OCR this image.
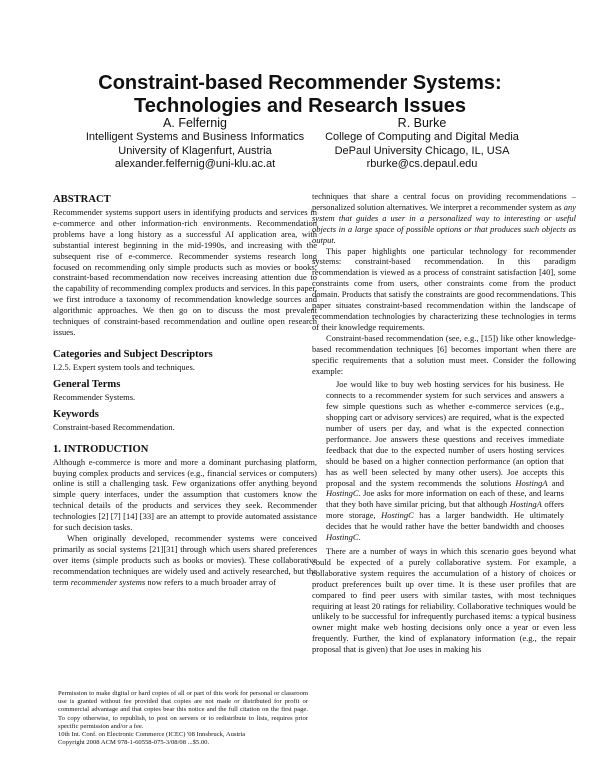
Constraint-based Recommender Systems:
Technologies and Research Issues
A. Felfernig
Intelligent Systems and Business Informatics
University of Klagenfurt, Austria
alexander.felfernig@uni-klu.ac.at
R. Burke
College of Computing and Digital Media
DePaul University Chicago, IL, USA
rburke@cs.depaul.edu
ABSTRACT

Recommender systems support users in identifying products and services in e-commerce and other information-rich environments. Recommendation problems have a long history as a successful AI application area, with substantial interest beginning in the mid-1990s, and increasing with the subsequent rise of e-commerce. Recommender systems research long focused on recommending only simple products such as movies or books; constraint-based recommendation now receives increasing attention due to the capability of recommending complex products and services. In this paper, we first introduce a taxonomy of recommendation knowledge sources and algorithmic approaches. We then go on to discuss the most prevalent techniques of constraint-based recommendation and outline open research issues.

Categories and Subject Descriptors

I.2.5. Expert system tools and techniques.

General Terms

Recommender Systems.

Keywords

Constraint-based Recommendation.

1. INTRODUCTION

Although e-commerce is more and more a dominant purchasing platform, buying complex products and services (e.g., financial services or computers) online is still a challenging task. Few organizations offer anything beyond simple query interfaces, under the assumption that customers know the technical details of the products and services they seek. Recommender technologies [2] [7] [14] [33] are an attempt to provide automated assistance for such decision tasks.

When originally developed, recommender systems were conceived primarily as social systems [21][31] through which users shared preferences over items (simple products such as books or movies). These collaborative recommendation techniques are widely used and actively researched, but the term recommender systems now refers to a much broader array of

techniques that share a central focus on providing recommendations – personalized solution alternatives. We interpret a recommender system as any system that guides a user in a personalized way to interesting or useful objects in a large space of possible options or that produces such objects as output.

This paper highlights one particular technology for recommender systems: constraint-based recommendation. In this paradigm recommendation is viewed as a process of constraint satisfaction [40], some constraints come from users, other constraints come from the product domain. Products that satisfy the constraints are good recommendations. This paper situates constraint-based recommendation within the landscape of recommendation technologies by characterizing these technologies in terms of their knowledge requirements.

Constraint-based recommendation (see, e.g., [15]) like other knowledge-based recommendation techniques [6] becomes important when there are specific requirements that a solution must meet. Consider the following example:

Joe would like to buy web hosting services for his business. He connects to a recommender system for such services and answers a few simple questions such as whether e-commerce services (e.g., shopping cart or advisory services) are required, what is the expected number of users per day, and what is the expected connection performance. Joe answers these questions and receives immediate feedback that due to the expected number of users hosting services should be based on a higher connection performance (an option that has as well been selected by many other users). Joe accepts this proposal and the system recommends the solutions HostingA and HostingC. Joe asks for more information on each of these, and learns that they both have similar pricing, but that although HostingA offers more storage, HostingC has a larger bandwidth. He ultimately decides that he would rather have the better bandwidth and chooses HostingC.

There are a number of ways in which this scenario goes beyond what could be expected of a purely collaborative system. For example, a collaborative system requires the accumulation of a history of choices or product preferences built up over time. It is these user profiles that are compared to find peer users with similar tastes, with most techniques requiring at least 20 ratings for reliability. Collaborative techniques would be unlikely to be successful for infrequently purchased items: a typical business owner might make web hosting decisions only once a year or even less frequently. Further, the kind of explanatory information (e.g., the repair proposal that is given) that Joe uses in making his

Permission to make digital or hard copies of all or part of this work for personal or classroom use is granted without fee provided that copies are not made or distributed for profit or commercial advantage and that copies bear this notice and the full citation on the first page. To copy otherwise, to republish, to post on servers or to redistribute to lists, requires prior specific permission and/or a fee.

10th Int. Conf. on Electronic Commerce (ICEC) '08 Innsbruck, Austria
Copyright 2008 ACM 978-1-60558-075-3/08/08 ...$5.00.
